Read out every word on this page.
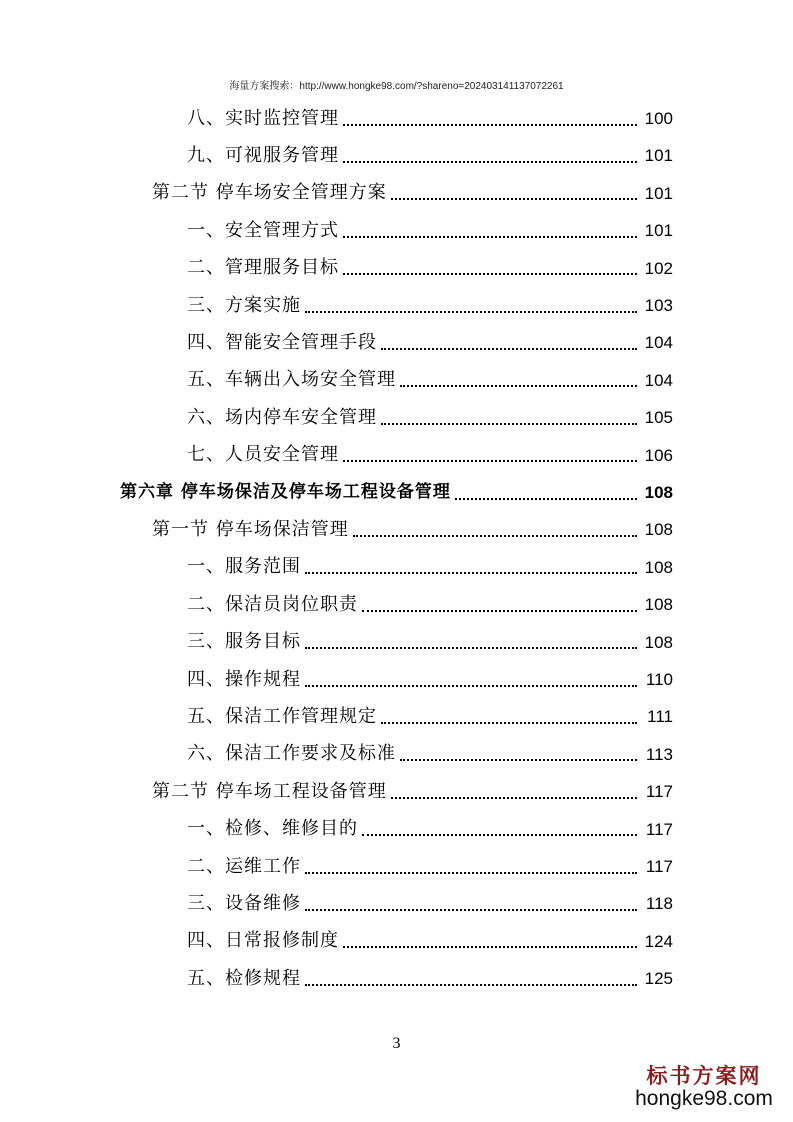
海量方案搜索：http://www.hongke98.com/?shareno=202403141137072261
八、实时监控管理	100
九、可视服务管理	101
第二节 停车场安全管理方案	101
一、安全管理方式	101
二、管理服务目标	102
三、方案实施	103
四、智能安全管理手段	104
五、车辆出入场安全管理	104
六、场内停车安全管理	105
七、人员安全管理	106
第六章 停车场保洁及停车场工程设备管理	108
第一节 停车场保洁管理	108
一、服务范围	108
二、保洁员岗位职责	108
三、服务目标	108
四、操作规程	110
五、保洁工作管理规定	111
六、保洁工作要求及标准	113
第二节 停车场工程设备管理	117
一、检修、维修目的	117
二、运维工作	117
三、设备维修	118
四、日常报修制度	124
五、检修规程	125
3
标书方案网
hongke98.com
